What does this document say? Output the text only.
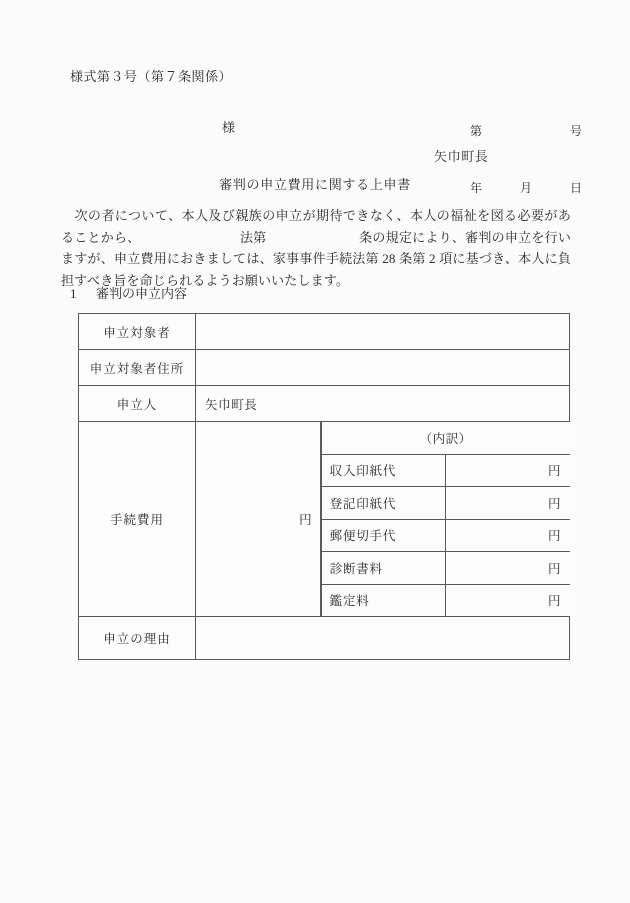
様式第３号（第７条関係）

第　　　　　　　号

年　　　月　　　日

様
矢巾町長
審判の申立費用に関する上申書
　次の者について、本人及び親族の申立が期待できなく、本人の福祉を図る必要があることから、　　　　　　　　法第　　　　　　　条の規定により、審判の申立を行いますが、申立費用におきましては、家事事件手続法第 28 条第 2 項に基づき、本人に負担すべき旨を命じられるようお願いいたします。
1 審判の申立内容
申立対象者	
申立対象者住所	
申立人	矢巾町長
手続費用	円

（内訳）
収入印紙代	円
登記印紙代	円
郵便切手代	円
診断書料	円
鑑定料	円

申立の理由	
